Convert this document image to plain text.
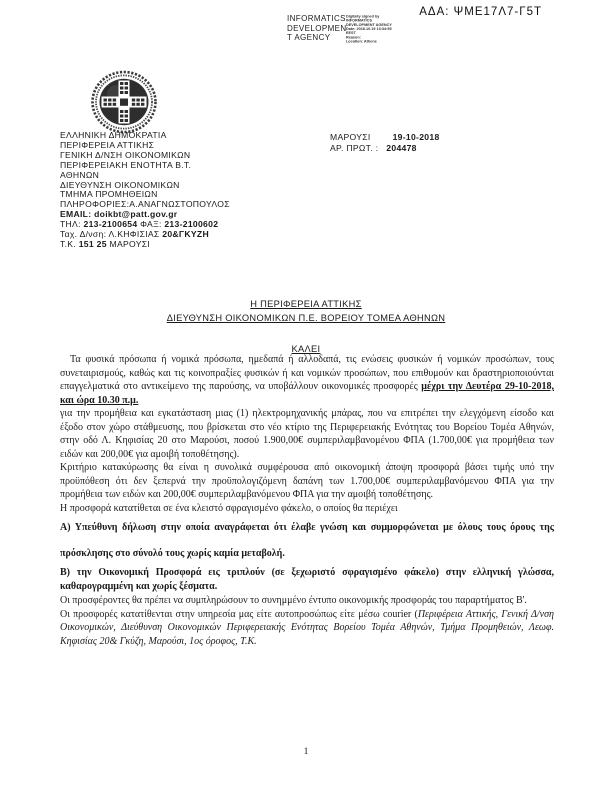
ΑΔΑ: ΨΜΕ17Λ7-Γ5Τ
INFORMATICS
DEVELOPMEN
T AGENCY
Digitally signed by
INFORMATICS
DEVELOPMENT AGENCY
Date: 2018.10.19 13:34:55
EEST
Reason:
Location: Athens
ΕΛΛΗΝΙΚΗ ΔΗΜΟΚΡΑΤΙΑ
ΠΕΡΙΦΕΡΕΙΑ ΑΤΤΙΚΗΣ
ΓΕΝΙΚΗ Δ/ΝΣΗ ΟΙΚΟΝΟΜΙΚΩΝ
ΠΕΡΙΦΕΡΕΙΑΚΗ ΕΝΟΤΗΤΑ Β.Τ.
ΑΘΗΝΩΝ
ΔΙΕΥΘΥΝΣΗ ΟΙΚΟΝΟΜΙΚΩΝ
ΤΜΗΜΑ ΠΡΟΜΗΘΕΙΩΝ
ΠΛΗΡΟΦΟΡΙΕΣ:Α.ΑΝΑΓΝΩΣΤΟΠΟΥΛΟΣ
EMAIL: doikbt@patt.gov.gr
ΤΗΛ: 213-2100654 ΦΑΞ: 213-2100602
Ταχ. Δ/νση: Λ.ΚΗΦΙΣΙΑΣ 20&ΓΚΥΖΗ
Τ.Κ. 151 25 ΜΑΡΟΥΣΙ
ΜΑΡΟΥΣΙ	19-10-2018
ΑΡ. ΠΡΩΤ. : 204478
Η ΠΕΡΙΦΕΡΕΙΑ ΑΤΤΙΚΗΣ
ΔΙΕΥΘΥΝΣΗ ΟΙΚΟΝΟΜΙΚΩΝ Π.Ε. ΒΟΡΕΙΟΥ ΤΟΜΕΑ ΑΘΗΝΩΝ
ΚΑΛΕΙ

Τα φυσικά πρόσωπα ή νομικά πρόσωπα, ημεδαπά ή αλλοδαπά, τις ενώσεις φυσικών ή νομικών προσώπων, τους συνεταιρισμούς, καθώς και τις κοινοπραξίες φυσικών ή και νομικών προσώπων, που επιθυμούν και δραστηριοποιούνται επαγγελματικά στο αντικείμενο της παρούσης, να υποβάλλουν οικονομικές προσφορές μέχρι την Δευτέρα 29-10-2018, και ώρα 10.30 π.μ.
για την προμήθεια και εγκατάσταση μιας (1) ηλεκτρομηχανικής μπάρας, που να επιτρέπει την ελεγχόμενη είσοδο και έξοδο στον χώρο στάθμευσης, που βρίσκεται στο νέο κτίριο της Περιφερειακής Ενότητας του Βορείου Τομέα Αθηνών, στην οδό Λ. Κηφισίας 20 στο Μαρούσι, ποσού 1.900,00€ συμπεριλαμβανομένου ΦΠΑ (1.700,00€ για προμήθεια των ειδών και 200,00€ για αμοιβή τοποθέτησης).

Κριτήριο κατακύρωσης θα είναι η συνολικά συμφέρουσα από οικονομική άποψη προσφορά βάσει τιμής υπό την προϋπόθεση ότι δεν ξεπερνά την προϋπολογιζόμενη δαπάνη των 1.700,00€ συμπεριλαμβανόμενου ΦΠΑ για την προμήθεια των ειδών και 200,00€ συμπεριλαμβανόμενου ΦΠΑ για την αμοιβή τοποθέτησης.

Η προσφορά κατατίθεται σε ένα κλειστό σφραγισμένο φάκελο, ο οποίος θα περιέχει

Α) Υπεύθυνη δήλωση στην οποία αναγράφεται ότι έλαβε γνώση και συμμορφώνεται με όλους τους όρους της πρόσκλησης στο σύνολό τους χωρίς καμία μεταβολή.

Β) την Οικονομική Προσφορά εις τριπλούν (σε ξεχωριστό σφραγισμένο φάκελο) στην ελληνική γλώσσα, καθαρογραμμένη και χωρίς ξέσματα.

Οι προσφέροντες θα πρέπει να συμπληρώσουν το συνημμένο έντυπο οικονομικής προσφοράς του παραρτήματος Β'.

Οι προσφορές κατατίθενται στην υπηρεσία μας είτε αυτοπροσώπως είτε μέσω courier (Περιφέρεια Αττικής, Γενική Δ/νση Οικονομικών, Διεύθυνση Οικονομικών Περιφερειακής Ενότητας Βορείου Τομέα Αθηνών, Τμήμα Προμηθειών, Λεωφ. Κηφισίας 20& Γκύζη, Μαρούσι, 1ος όροφος, Τ.Κ.

1
